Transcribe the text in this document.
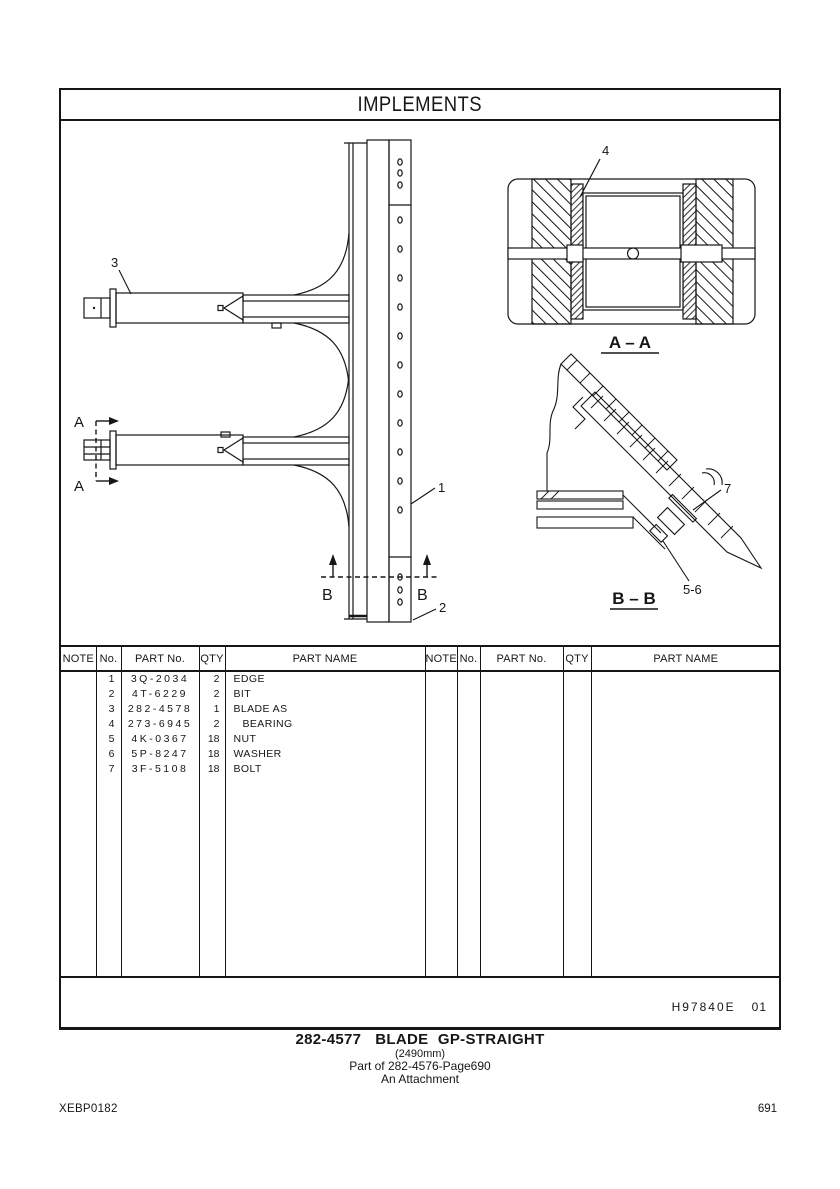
IMPLEMENTS
A
A
B	B
3
1
2
4
A – A
7
5-6
B – B
NOTE	No.	PART No.	QTY	PART NAME	NOTE	No.	PART No.	QTY	PART NAME
	1	3Q-2034	2	EDGE					
	2	4T-6229	2	BIT					
	3	282-4578	1	BLADE AS					
	4	273-6945	2	BEARING					
	5	4K-0367	18	NUT					
	6	5P-8247	18	WASHER					
	7	3F-5108	18	BOLT					

H97840E 01
282-4577 BLADE GP-STRAIGHT
(2490mm)
Part of 282-4576-Page690
An Attachment
XEBP0182	691
